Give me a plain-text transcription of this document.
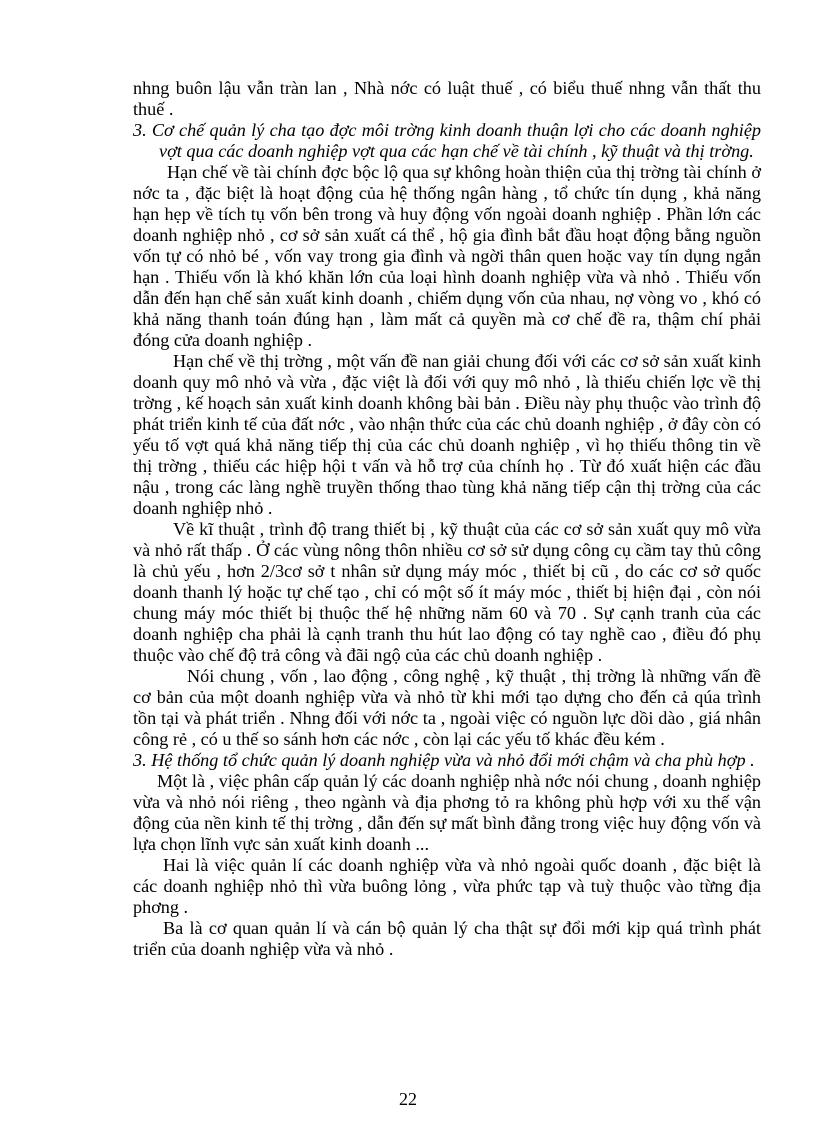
nhng buôn lậu vẫn tràn lan , Nhà nớc có luật thuế , có biểu thuế nhng vẫn thất thu thuế .

3. Cơ chế quản lý cha tạo đợc môi trờng kinh doanh thuận lợi cho các doanh nghiệp vợt qua các doanh nghiệp vợt qua các hạn chế về tài chính , kỹ thuật và thị trờng.

Hạn chế về tài chính đợc bộc lộ qua sự không hoàn thiện của thị trờng tài chính ở nớc ta , đặc biệt là hoạt động của hệ thống ngân hàng , tổ chức tín dụng , khả năng hạn hẹp về tích tụ vốn bên trong và huy động vốn ngoài doanh nghiệp . Phần lớn các doanh nghiệp nhỏ , cơ sở sản xuất cá thể , hộ gia đình bắt đầu hoạt động bằng nguồn vốn tự có nhỏ bé , vốn vay trong gia đình và ngời thân quen hoặc vay tín dụng ngắn hạn . Thiếu vốn là khó khăn lớn của loại hình doanh nghiệp vừa và nhỏ . Thiếu vốn dẫn đến hạn chế sản xuất kinh doanh , chiếm dụng vốn của nhau, nợ vòng vo , khó có khả năng thanh toán đúng hạn , làm mất cả quyền mà cơ chế đề ra, thậm chí phải đóng cửa doanh nghiệp .

Hạn chế về thị trờng , một vấn đề nan giải chung đối với các cơ sở sản xuất kinh doanh quy mô nhỏ và vừa , đặc việt là đối với quy mô nhỏ , là thiếu chiến lợc về thị trờng , kế hoạch sản xuất kinh doanh không bài bản . Điều này phụ thuộc vào trình độ phát triển kinh tế của đất nớc , vào nhận thức của các chủ doanh nghiệp , ở đây còn có yếu tố vợt quá khả năng tiếp thị của các chủ doanh nghiệp , vì họ thiếu thông tin về thị trờng , thiếu các hiệp hội t vấn và hỗ trợ của chính họ . Từ đó xuất hiện các đầu nậu , trong các làng nghề truyền thống thao tùng khả năng tiếp cận thị trờng của các doanh nghiệp nhỏ .

Về kĩ thuật , trình độ trang thiết bị , kỹ thuật của các cơ sở sản xuất quy mô vừa và nhỏ rất thấp . Ở các vùng nông thôn nhiều cơ sở sử dụng công cụ cầm tay thủ công là chủ yếu , hơn 2/3cơ sở t nhân sử dụng máy móc , thiết bị cũ , do các cơ sở quốc doanh thanh lý hoặc tự chế tạo , chỉ có một số ít máy móc , thiết bị hiện đại , còn nói chung máy móc thiết bị thuộc thế hệ những năm 60 và 70 . Sự cạnh tranh của các doanh nghiệp cha phải là cạnh tranh thu hút lao động có tay nghề cao , điều đó phụ thuộc vào chế độ trả công và đãi ngộ của các chủ doanh nghiệp .

Nói chung , vốn , lao động , công nghệ , kỹ thuật , thị trờng là những vấn đề cơ bản của một doanh nghiệp vừa và nhỏ từ khi mới tạo dựng cho đến cả qúa trình tồn tại và phát triển . Nhng đối với nớc ta , ngoài việc có nguồn lực dồi dào , giá nhân công rẻ , có u thế so sánh hơn các nớc , còn lại các yếu tố khác đều kém .

3. Hệ thống tổ chức quản lý doanh nghiệp vừa và nhỏ đổi mới chậm và cha phù hợp .

Một là , việc phân cấp quản lý các doanh nghiệp nhà nớc nói chung , doanh nghiệp vừa và nhỏ nói riêng , theo ngành và địa phơng tỏ ra không phù hợp với xu thế vận động của nền kinh tế thị trờng , dẫn đến sự mất bình đẳng trong việc huy động vốn và lựa chọn lĩnh vực sản xuất kinh doanh ...

Hai là việc quản lí các doanh nghiệp vừa và nhỏ ngoài quốc doanh , đặc biệt là các doanh nghiệp nhỏ thì vừa buông lỏng , vừa phức tạp và tuỳ thuộc vào từng địa phơng .

Ba là cơ quan quản lí và cán bộ quản lý cha thật sự đổi mới kịp quá trình phát triển của doanh nghiệp vừa và nhỏ .

22
